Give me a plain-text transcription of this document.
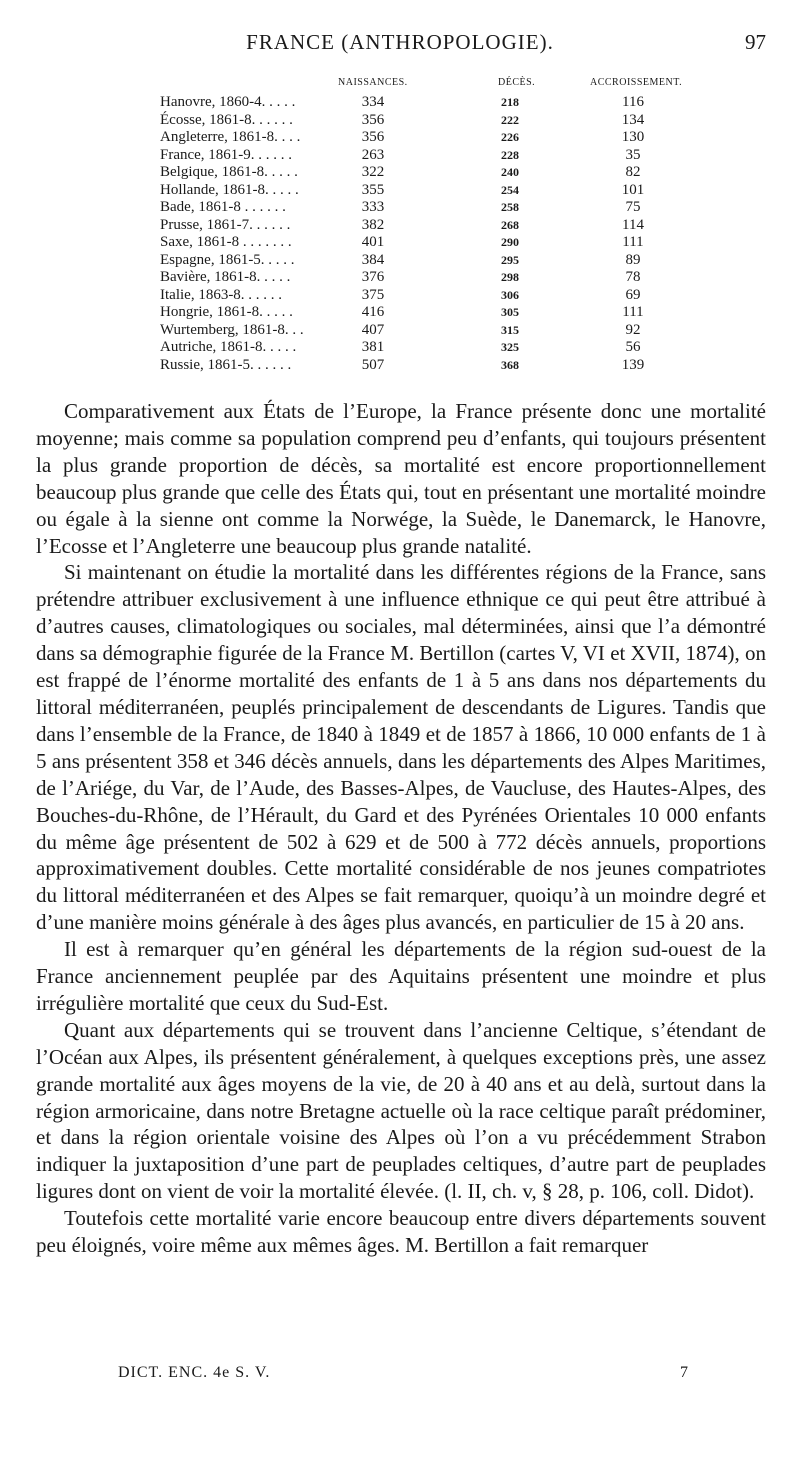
FRANCE (ANTHROPOLOGIE).	97
NAISSANCES.	DÉCÈS.	ACCROISSEMENT.
Hanovre, 1860-4. . . . .	334	218	116
Écosse, 1861-8. . . . . .	356	222	134
Angleterre, 1861-8. . . .	356	226	130
France, 1861-9. . . . . .	263	228	35
Belgique, 1861-8. . . . .	322	240	82
Hollande, 1861-8. . . . .	355	254	101
Bade, 1861-8 . . . . . .	333	258	75
Prusse, 1861-7. . . . . .	382	268	114
Saxe, 1861-8 . . . . . . .	401	290	111
Espagne, 1861-5. . . . .	384	295	89
Bavière, 1861-8. . . . .	376	298	78
Italie, 1863-8. . . . . .	375	306	69
Hongrie, 1861-8. . . . .	416	305	111
Wurtemberg, 1861-8. . .	407	315	92
Autriche, 1861-8. . . . .	381	325	56
Russie, 1861-5. . . . . .	507	368	139

Comparativement aux États de l’Europe, la France présente donc une mortalité moyenne; mais comme sa population comprend peu d’enfants, qui toujours présentent la plus grande proportion de décès, sa mortalité est encore proportionnellement beaucoup plus grande que celle des États qui, tout en présentant une mortalité moindre ou égale à la sienne ont comme la Norwége, la Suède, le Danemarck, le Hanovre, l’Ecosse et l’Angleterre une beaucoup plus grande natalité.

Si maintenant on étudie la mortalité dans les différentes régions de la France, sans prétendre attribuer exclusivement à une influence ethnique ce qui peut être attribué à d’autres causes, climatologiques ou sociales, mal déterminées, ainsi que l’a démontré dans sa démographie figurée de la France M. Bertillon (cartes V, VI et XVII, 1874), on est frappé de l’énorme mortalité des enfants de 1 à 5 ans dans nos départements du littoral méditerranéen, peuplés principalement de descendants de Ligures. Tandis que dans l’ensemble de la France, de 1840 à 1849 et de 1857 à 1866, 10 000 enfants de 1 à 5 ans présentent 358 et 346 décès annuels, dans les départements des Alpes Maritimes, de l’Ariége, du Var, de l’Aude, des Basses-Alpes, de Vaucluse, des Hautes-Alpes, des Bouches-du-Rhône, de l’Hérault, du Gard et des Pyrénées Orientales 10 000 enfants du même âge présentent de 502 à 629 et de 500 à 772 décès annuels, proportions approximativement doubles. Cette mortalité considérable de nos jeunes compatriotes du littoral méditerranéen et des Alpes se fait remarquer, quoiqu’à un moindre degré et d’une manière moins générale à des âges plus avancés, en particulier de 15 à 20 ans.

Il est à remarquer qu’en général les départements de la région sud-ouest de la France anciennement peuplée par des Aquitains présentent une moindre et plus irrégulière mortalité que ceux du Sud-Est.

Quant aux départements qui se trouvent dans l’ancienne Celtique, s’étendant de l’Océan aux Alpes, ils présentent généralement, à quelques exceptions près, une assez grande mortalité aux âges moyens de la vie, de 20 à 40 ans et au delà, surtout dans la région armoricaine, dans notre Bretagne actuelle où la race celtique paraît prédominer, et dans la région orientale voisine des Alpes où l’on a vu précédemment Strabon indiquer la juxtaposition d’une part de peuplades celtiques, d’autre part de peuplades ligures dont on vient de voir la mortalité élevée. (l. II, ch. v, § 28, p. 106, coll. Didot).

Toutefois cette mortalité varie encore beaucoup entre divers départements souvent peu éloignés, voire même aux mêmes âges. M. Bertillon a fait remarquer

DICT. ENC. 4e S. V.	7
